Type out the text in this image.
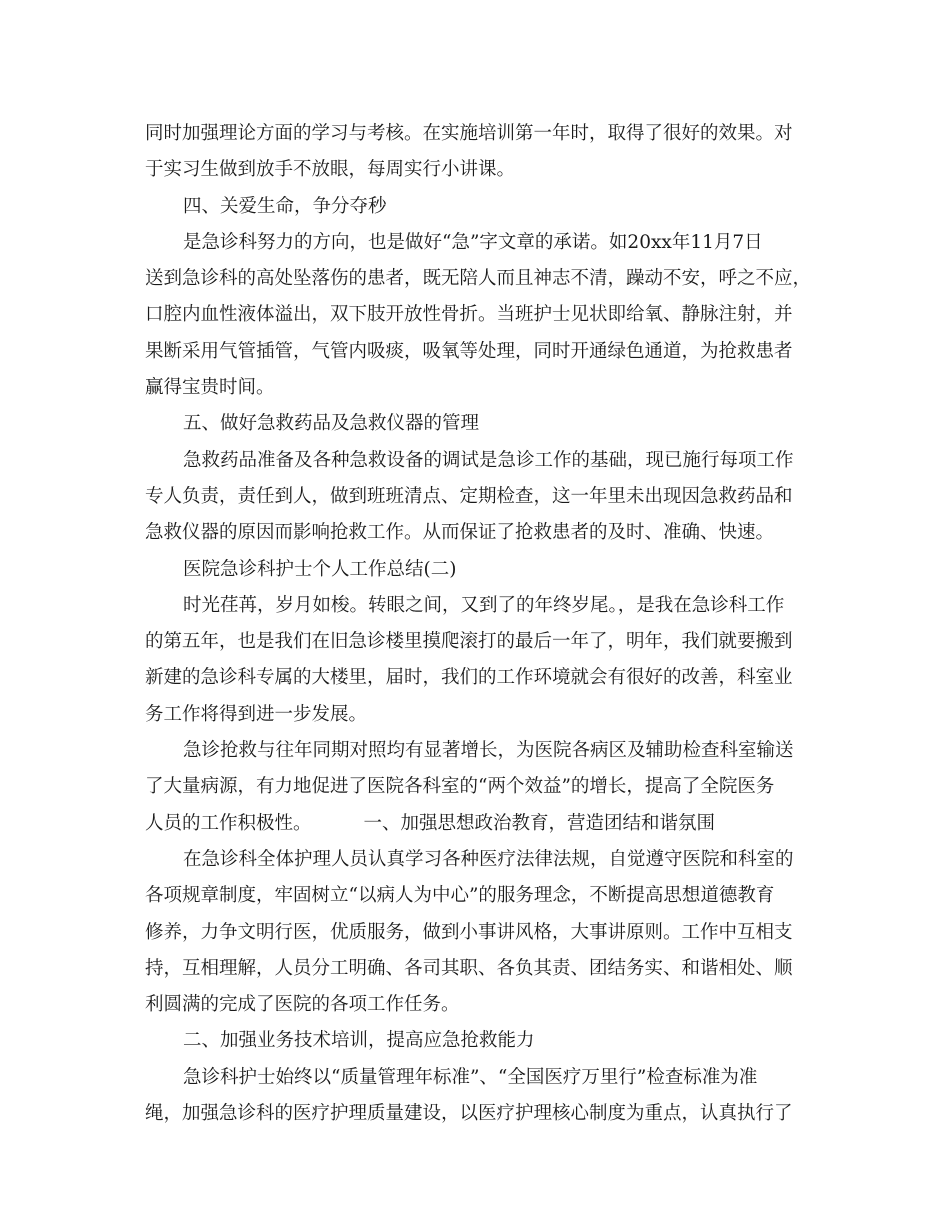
同时加强理论方面的学习与考核。在实施培训第一年时，取得了很好的效果。对
于实习生做到放手不放眼，每周实行小讲课。
四、关爱生命，争分夺秒
是急诊科努力的方向，也是做好“急”字文章的承诺。如20xx年11月7日
送到急诊科的高处坠落伤的患者，既无陪人而且神志不清，躁动不安，呼之不应，
口腔内血性液体溢出，双下肢开放性骨折。当班护士见状即给氧、静脉注射，并
果断采用气管插管，气管内吸痰，吸氧等处理，同时开通绿色通道，为抢救患者
赢得宝贵时间。
五、做好急救药品及急救仪器的管理
急救药品准备及各种急救设备的调试是急诊工作的基础，现已施行每项工作
专人负责，责任到人，做到班班清点、定期检查，这一年里未出现因急救药品和
急救仪器的原因而影响抢救工作。从而保证了抢救患者的及时、准确、快速。
医院急诊科护士个人工作总结(二)
时光荏苒，岁月如梭。转眼之间，又到了的年终岁尾。，是我在急诊科工作
的第五年，也是我们在旧急诊楼里摸爬滚打的最后一年了，明年，我们就要搬到
新建的急诊科专属的大楼里，届时，我们的工作环境就会有很好的改善，科室业
务工作将得到进一步发展。
急诊抢救与往年同期对照均有显著增长，为医院各病区及辅助检查科室输送
了大量病源，有力地促进了医院各科室的“两个效益”的增长，提高了全院医务
人员的工作积极性。	一、加强思想政治教育，营造团结和谐氛围
在急诊科全体护理人员认真学习各种医疗法律法规，自觉遵守医院和科室的
各项规章制度，牢固树立“以病人为中心”的服务理念，不断提高思想道德教育
修养，力争文明行医，优质服务，做到小事讲风格，大事讲原则。工作中互相支
持，互相理解，人员分工明确、各司其职、各负其责、团结务实、和谐相处、顺
利圆满的完成了医院的各项工作任务。
二、加强业务技术培训，提高应急抢救能力
急诊科护士始终以“质量管理年标准”、“全国医疗万里行”检查标准为准
绳，加强急诊科的医疗护理质量建设，以医疗护理核心制度为重点，认真执行了
